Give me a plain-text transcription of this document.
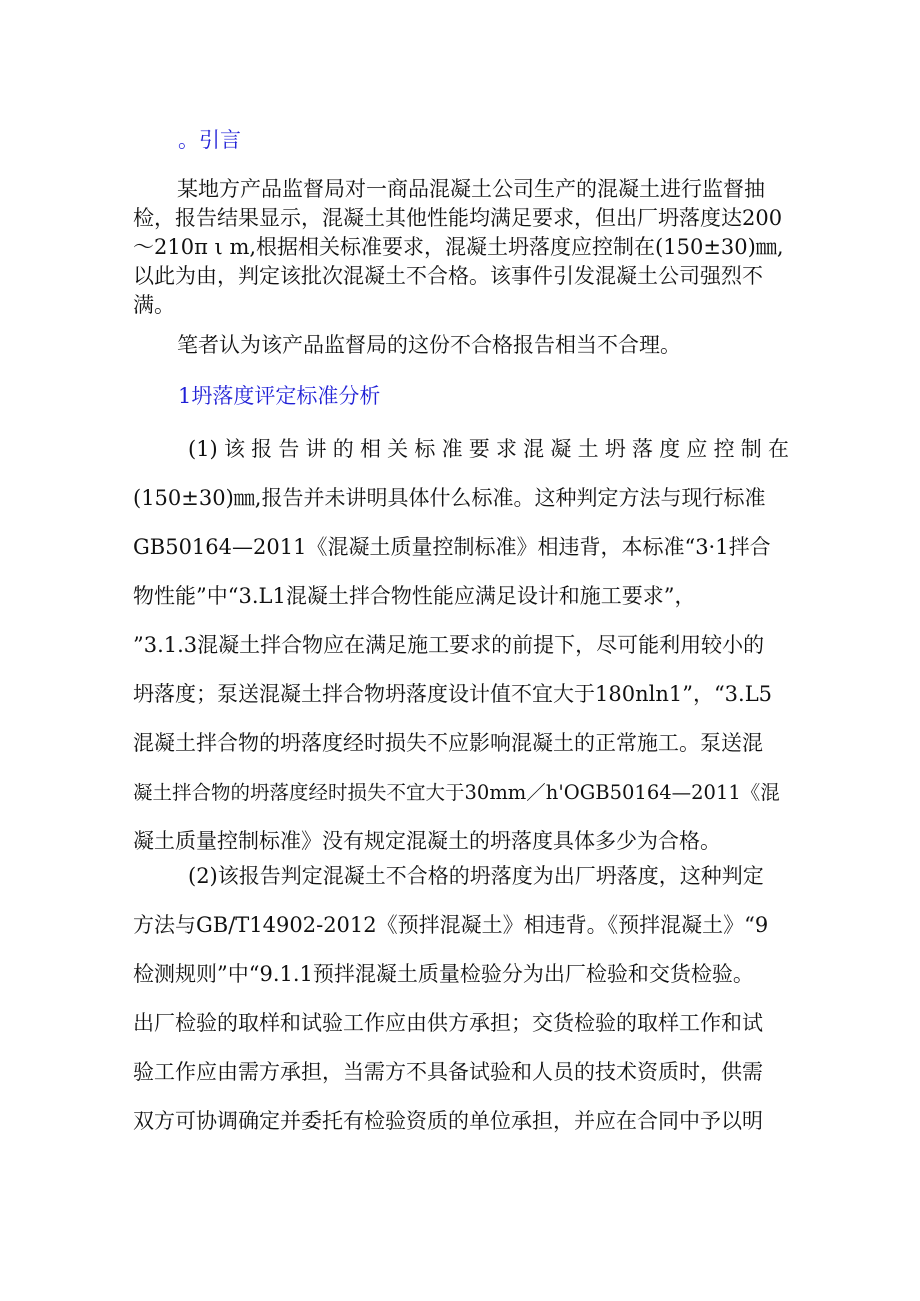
。引言
某地方产品监督局对一商品混凝土公司生产的混凝土进行监督抽
检，报告结果显示，混凝土其他性能均满足要求，但出厂坍落度达200
～210π ι m,根据相关标准要求，混凝土坍落度应控制在(150±30)㎜,
以此为由，判定该批次混凝土不合格。该事件引发混凝土公司强烈不
满。
笔者认为该产品监督局的这份不合格报告相当不合理。
1坍落度评定标准分析
(1)该报告讲的相关标准要求混凝土坍落度应控制在
(150±30)㎜,报告并未讲明具体什么标准。这种判定方法与现行标准
GB50164—2011《混凝土质量控制标准》相违背，本标准“3·1拌合
物性能”中“3.L1混凝土拌合物性能应满足设计和施工要求”，
”3.1.3混凝土拌合物应在满足施工要求的前提下，尽可能利用较小的
坍落度；泵送混凝土拌合物坍落度设计值不宜大于180nln1”，“3.L5
混凝土拌合物的坍落度经时损失不应影响混凝土的正常施工。泵送混
凝土拌合物的坍落度经时损失不宜大于30mm／h'OGB50164—2011《混
凝土质量控制标准》没有规定混凝土的坍落度具体多少为合格。
(2)该报告判定混凝土不合格的坍落度为出厂坍落度，这种判定
方法与GB/T14902-2012《预拌混凝土》相违背。《预拌混凝土》“9
检测规则”中“9.1.1预拌混凝土质量检验分为出厂检验和交货检验。
出厂检验的取样和试验工作应由供方承担；交货检验的取样工作和试
验工作应由需方承担，当需方不具备试验和人员的技术资质时，供需
双方可协调确定并委托有检验资质的单位承担，并应在合同中予以明
